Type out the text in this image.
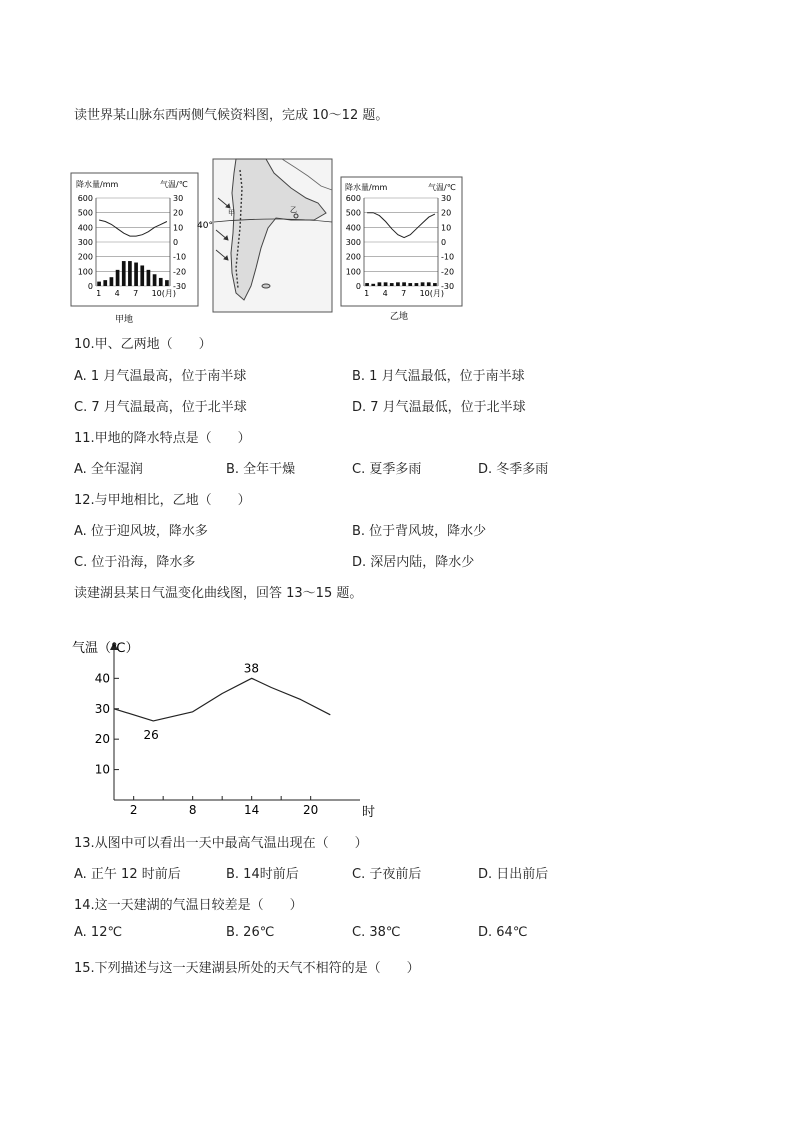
读世界某山脉东西两侧气候资料图，完成 10～12 题。
降水量/mm	气温/℃
600	30
500	20
400	10
300	0
200	-10
100	-20
0	-30
1 4 7 10(月)
甲地
40°
甲	乙
降水量/mm	气温/℃
600	30
500	20
400	10
300	0
200	-10
100	-20
0	-30
1 4 7 10(月)
乙地
10.甲、乙两地（　　）
A. 1 月气温最高，位于南半球	B. 1 月气温最低，位于南半球
C. 7 月气温最高，位于北半球	D. 7 月气温最低，位于北半球
11.甲地的降水特点是（　　）
A. 全年湿润	B. 全年干燥	C. 夏季多雨	D. 冬季多雨
12.与甲地相比，乙地（　　）
A. 位于迎风坡，降水多	B. 位于背风坡，降水少
C. 位于沿海，降水多	D. 深居内陆，降水少
读建湖县某日气温变化曲线图，回答 13～15 题。
2	8	14	20
10
20
30
40
气温（℃）
时
38
26
13.从图中可以看出一天中最高气温出现在（　　）
A. 正午 12 时前后	B. 14时前后	C. 子夜前后	D. 日出前后
14.这一天建湖的气温日较差是（　　）
A. 12℃	B. 26℃	C. 38℃	D. 64℃
15.下列描述与这一天建湖县所处的天气不相符的是（　　）
